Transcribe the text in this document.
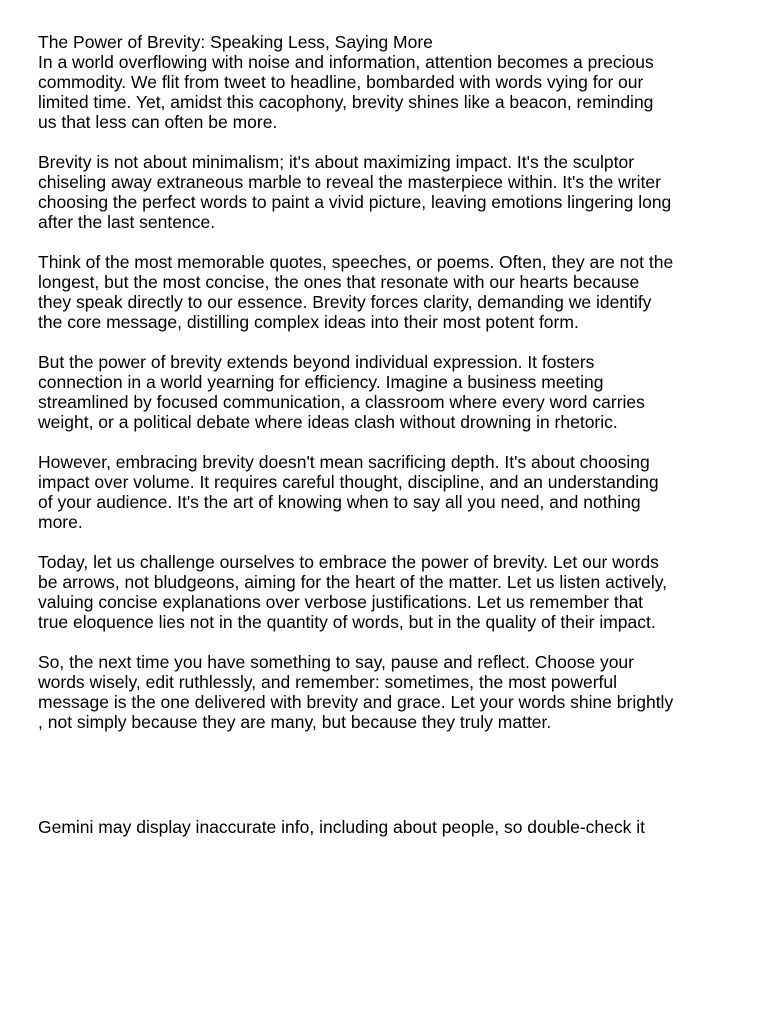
The Power of Brevity: Speaking Less, Saying More

In a world overflowing with noise and information, attention becomes a precious
commodity. We flit from tweet to headline, bombarded with words vying for our
limited time. Yet, amidst this cacophony, brevity shines like a beacon, reminding
us that less can often be more.

Brevity is not about minimalism; it's about maximizing impact. It's the sculptor
chiseling away extraneous marble to reveal the masterpiece within. It's the writer
choosing the perfect words to paint a vivid picture, leaving emotions lingering long
after the last sentence.

Think of the most memorable quotes, speeches, or poems. Often, they are not the
longest, but the most concise, the ones that resonate with our hearts because
they speak directly to our essence. Brevity forces clarity, demanding we identify
the core message, distilling complex ideas into their most potent form.

But the power of brevity extends beyond individual expression. It fosters
connection in a world yearning for efficiency. Imagine a business meeting
streamlined by focused communication, a classroom where every word carries
weight, or a political debate where ideas clash without drowning in rhetoric.

However, embracing brevity doesn't mean sacrificing depth. It's about choosing
impact over volume. It requires careful thought, discipline, and an understanding
of your audience. It's the art of knowing when to say all you need, and nothing
more.

Today, let us challenge ourselves to embrace the power of brevity. Let our words
be arrows, not bludgeons, aiming for the heart of the matter. Let us listen actively,
valuing concise explanations over verbose justifications. Let us remember that
true eloquence lies not in the quantity of words, but in the quality of their impact.

So, the next time you have something to say, pause and reflect. Choose your
words wisely, edit ruthlessly, and remember: sometimes, the most powerful
message is the one delivered with brevity and grace. Let your words shine brightly
, not simply because they are many, but because they truly matter.

Gemini may display inaccurate info, including about people, so double-check it
